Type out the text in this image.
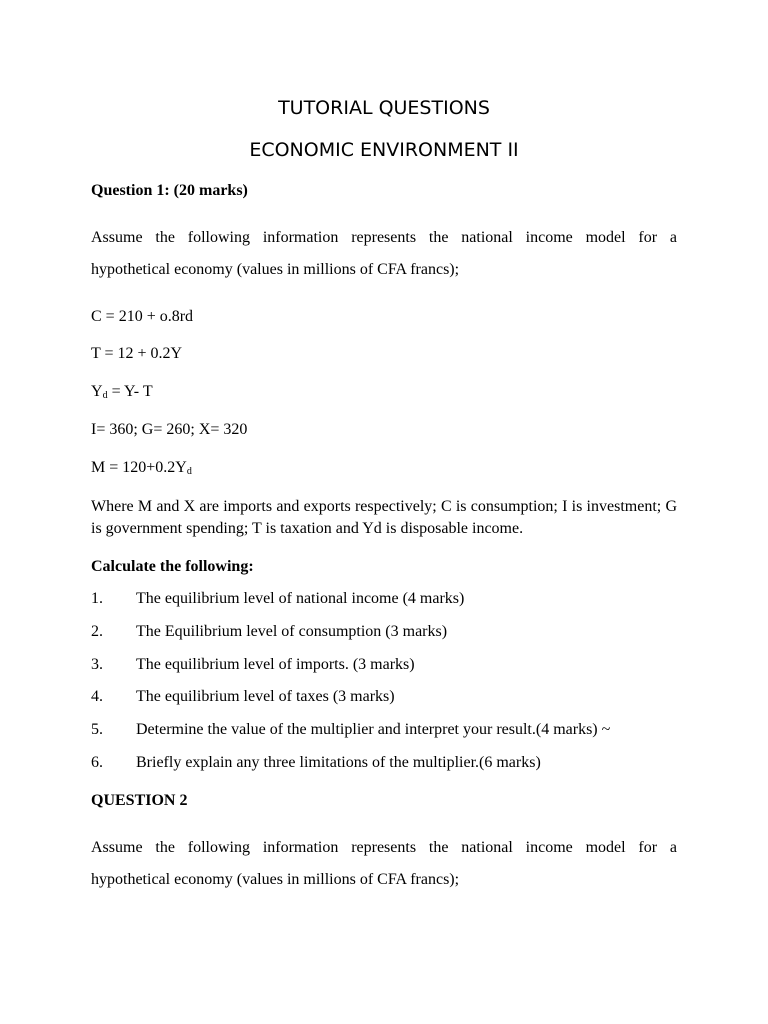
TUTORIAL QUESTIONS
ECONOMIC ENVIRONMENT II
Question 1: (20 marks)
Assume the following information represents the national income model for a
hypothetical economy (values in millions of CFA francs);
C = 210 + o.8rd
T = 12 + 0.2Y
$Y_d = Y-$ T
I= 360; G= 260; X= 320
$M = 120+0.2Y_d$
Where M and X are imports and exports respectively; C is consumption; I is investment; G is government spending; T is taxation and Yd is disposable income.
Calculate the following:
1. The equilibrium level of national income (4 marks)
2. The Equilibrium level of consumption (3 marks)
3. The equilibrium level of imports. (3 marks)
4. The equilibrium level of taxes (3 marks)
5. Determine the value of the multiplier and interpret your result.(4 marks) ~
6. Briefly explain any three limitations of the multiplier.(6 marks)
QUESTION 2
Assume the following information represents the national income model for a
hypothetical economy (values in millions of CFA francs);
